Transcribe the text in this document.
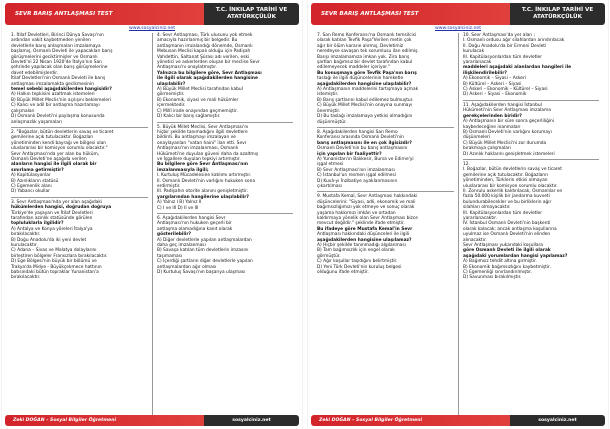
SEVR BARIŞ ANTLAŞMASI TEST
T.C. İNKILAP TARİHİ VE
ATATÜRKÇÜLÜK
www.sosyalciniz.net
1. İtilaf Devletleri, Birinci Dünya Savaşı'nın
ardından vakit kaybetmeden yenilen
devletlerle barış anlaşmaları imzalamaya
başlamış, Osmanlı Devleti ile yapacakları barış
görüşmelerini geciktirmişler ve Osmanlı
Devleti'ni 22 Nisan 1920'de İtalya'nın San
şehrinde yapılacak olan barış görüşmelerine
davet edebilmişlerdir.
İtilaf Devletleri'nin Osmanlı Devleti ile barış
antlaşması imzalamakta gecikmesinin
temel sebebi aşağıdakilerden hangisidir?
A) Halkın tepkisini azaltmak istemeleri
B) Büyük Millet Meclis'nin açılışını beklemeleri
C) Kalıcı ve adil bir antlaşma hazırlamayı
çalışmaları
D) Osmanlı Devleti'ni paylaşma konusunda
anlaşmazlık yaşamaları
2. "Boğazlar, bütün devletlerin savaş ve ticaret
gemilerine açık tutulacaktır. Boğazları
yönetiminden kendi bayrağı ve bölgesi olan
uluslararası bir komisyon sorumlu olacaktır."
Sevr Antlaşması'nda yer alan bu hüküm,
Osmanlı Devleti'ne aşağıda verilen
alanların hangisi ile ilgili olarak bir
sınırlama getirmiştir?
A) Kapitülasyonlar
B) Azınlıkların statüsü
C) Egemenlik alanı
D) Yabancı okullar
3. Sevr Antlaşması'nda yer alan aşağıdaki
hükümlerden hangisi, doğrudan doğruya
Türkiye'de yaşayan ve İtilaf Devletleri
tarafından azınlık statüsünde görülen
topluluklarla ilgilidir?
A) Antalya ve Konya yöreleri İtalya'ya
bırakılacaktır.
B) Doğu Anadolu'da iki yeni devlet
kurulacaktır.
C) Adana – Sivas ve Malatya dolaylarını
birleştiren bölgeler Fransızlara bırakılacaktır.
D) Ege Bölgesi'nin büyük bir bölümü ve
Trakya'da Midye - Büyükçekmece hattının
batısındaki bütün topraklar Yunanistan'a
bırakılacaktır.
4. Sevr Antlaşması, Türk ulusunu yok etmek
amacıyla hazırlanmış bir belgedir. Bu
antlaşmanın imzalandığı dönemde, Osmanlı
Mebusan Meclisi kapalı olduğu için Padişah
Vahdettin, Saltanat Şûrası adı verilen, eski
yönetici ve askerlerden oluşan bir meclise Sevr
Antlaşması'nı onaylatmıştır.
Yalnızca bu bilgilere göre, Sevr Antlaşması
ile ilgili olarak aşağıdakilerden hangisine
ulaşılabilir?
A) Büyük Millet Meclisi tarafından kabul
görmemiştir.
B) Ekonomik, siyasi ve mali hükümler
içermektedir.
C) Millî irade onayından geçmemiştir.
D) Kalıcı bir barış sağlamıştır.
5. Büyük Millet Meclisi, Sevr Antlaşması'nı
hiçbir şekilde tanımadığını ilgili devletlere
bildirdi. Bu antlaşmayı imzalayan ve
onaylayanları "vatan haini" ilan etti. Sevr
Antlaşması'nın imzalanması, Osmanlı
Hükümeti'ne duyulan güveni daha da azaltmış
ve İşgallere duyulan tepkiyi artırmıştır.
Bu bilgilere göre Sevr Antlaşması'nın
imzalanmasıyla ilgili;
I. Kurtuluş Mücadelesine katılımı artırmıştır.
II. Osmanlı Devleti'nin varlığını hukuken sona
erdirmiştir.
III. Padişahın otorite alanını genişletmiştir.
yargılarından hangilerine ulaşılabilir?
A) Yalnız I B) Yalnız II
C) I ve III D) II ve III
6. Aşağıdakilerden hangisi Sevr
Antlaşması'nın hukuken geçerli bir
antlaşma olamadığına kanıt olarak
gösterilebilir?
A) Diğer devletlerle yapılan antlaşmalardan
daha geç imzalanması
B) Savaşa katılan tüm devletlerin imzasını
taşımaması
C) İçerdiği şartların diğer devletlerle yapılan
antlaşmalardan ağır olması
D) Kurtuluş Savaşı'nın başarıya ulaşması
Zeki DOĞAN – Sosyal Bilgiler Öğretmeni	sosyalciniz.net
SEVR BARIŞ ANTLAŞMASI TEST
T.C. İNKILAP TARİHİ VE
ATATÜRKÇÜLÜK
www.sosyalciniz.net
7. San Remo Konferansı'na Osmanlı temsilcisi
olarak katılan Tevfik Paşa"Verilen metin çok
ağır bir ölüm kararıe alırmış, Devletimiz
neredeyse savaşan tek sorumlusu ilan edilmiş.
Barışı imzalamamıza imkan yok. Zira barış
şartları bağımsız bir devlet tarafından kabul
edilemeyecek maddeler içeriyor."
Bu konuşmaya göre Tevfik Paşa'nın barış
taslağı ile ilgili düşüncelerinin hareketle
aşağıdakilerden hangisine ulaşılabilir?
A) Antlaşmanın maddelerini tartışmaya açmak
istemiştir.
B) Barış şartlarını kabul edilemez bulmuştur.
C) Büyük Millet Meclisi'nin onayına sunmayı
önermiştir.
D) Bu taslağı imzalamaya yetkisi olmadığını
düşünmüştür.
8. Aşağıdakilerden hangisi San Remo
Konferansı arasında Osmanlı Devleti'nin
barış antlaşmasını ile en çok ilgisizdir?
Osmanlı Devleti'nin bu barış antlaşmasını
için yapılan bir faaliyettir?
A) Yunanistan'ın Balıkesir, Bursa ve Edirne'yi
işgal etmesi
B) Sevr Antlaşması'nın imzalanması
C) İstanbul'un resmen işgal edilmesi
D) Kuvâ-yı İnzibatiye ayaklanmasının
çıkartılması
9. Mustafa Kemal, Sevr Antlaşması hakkındaki
düşüncelerini: "Siyasi, adli, ekonomik ve mali
bağımsızlığımızı yok etmeye ve sonuç olarak
yaşama hakkımızı imkân ve ortadan
kaldırmaya yönelik olan Sevr Antlaşması bizce
mevcut değildir." şeklinde ifade etmiştir.
Bu ifadeye göre Mustafa Kemal'in Sevr
Antlaşması hakkındaki düşünceleri ile ilgili
aşağıdakilerden hangisine ulaşılamaz?
A) Hiçbir şekilde tanınmadığı algılanması
B) Tam bağımsızlık için engel olarak
görmüştür.
C) Ağır koşullar taşıdığını belirtmiştir.
D) Yeni Türk Devleti'nin kuruluş belgesi
olduğunu ifade etmiştir.
10. Sevr Antlaşması'da yer alan ;
I. Osmanlı ordusu ağır silahlardan arındırılacak
II. Doğu Anadolu'da bir Ermeni Devleti
kurulacak
III. Kapitülasyonlardan tüm devletler
yararlanacak
maddeleri aşağıdaki alanlardan hangileri ile
ilişkilendirilebilir?
A) Ekonomik – Siyasi – Askeri
B) Kültürel – Askeri – Siyasi
C) Askeri – Ekonomik – Kültürel – Siyasi
D) Askeri – Siyasi – Ekonomik
11. Aşağıdakilerden hangisi İstanbul
Hükümeti'nin Sevr Antlaşması imzalama
gerekçelerinden biridir?
A) Antlaşmanın bir süre sonra geçerliliğini
kaybedeceğine inanmaları
B) Osmanlı Devleti'nin varlığını korumayı
düşünmeleri
C) Büyük Millet Meclisi'ni zor durumda
bırakmaya çalışmaları
D) Azınlık haklarını genişletmek istemeleri
12.
I. Boğazlar, bütün devletlerin savaş ve ticaret
gemilerine açık tutulacaktır. Boğazların
yönetiminden, Türklerin etkisi olmayan
uluslararası bir komisyon sorumlu olacaktır.
II. Zonrulu askerlik kaldırılacak, Osmanlılar en
fazla 50.000 kişilik bir jandarma kuvveti
bulundurabilecekler ve bu birliklerin ağır
silahları olmayacaktır.
III. Kapitülasyonlardan tüm devletler
yararlanacaktır.
IV. İstanbul Osmanlı Devleti'nin başkenti
olarak kalacak; ancak antlaşma koşullarına
uyulmaz ise Osmanlı Devleti'nin elinden
alınacaktır.
Sevr Antlaşması yukarıdaki koşullara
göre Osmanlı Devleti ile ilgili olarak
aşağıdaki yorumlardan hangisi yapılamaz?
A) Bağımsız tehdit altına girmiştir.
B) Ekonomik bağımsızlığını kaybetmiştir.
C) Egemenliği sınırlandırılmıştır.
D) Savunması bırakılmıştır.
Zeki DOĞAN – Sosyal Bilgiler Öğretmeni	sosyalciniz.net
